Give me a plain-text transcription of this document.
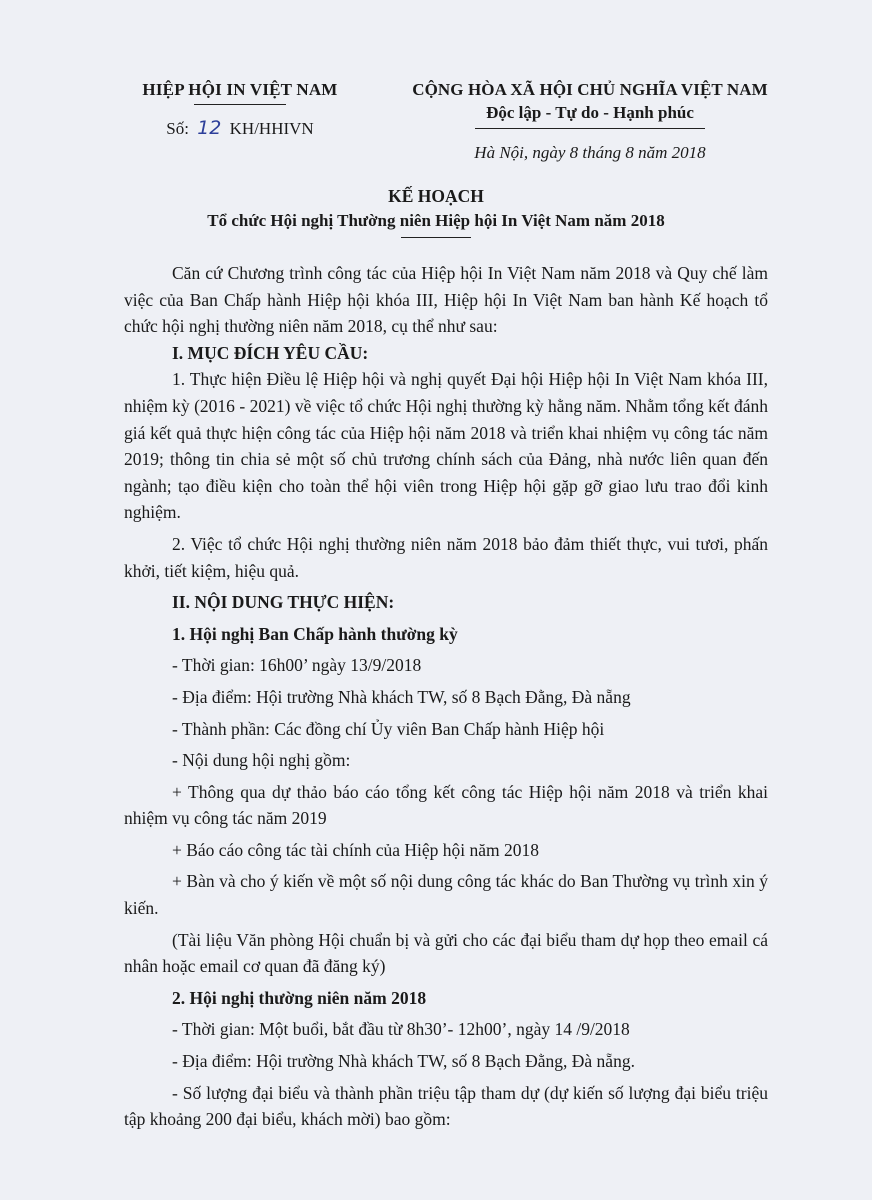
HIỆP HỘI IN VIỆT NAM
Số: 12 KH/HHIVN
CỘNG HÒA XÃ HỘI CHỦ NGHĨA VIỆT NAM
Độc lập - Tự do - Hạnh phúc
Hà Nội, ngày 8 tháng 8 năm 2018
KẾ HOẠCH
Tổ chức Hội nghị Thường niên Hiệp hội In Việt Nam năm 2018

Căn cứ Chương trình công tác của Hiệp hội In Việt Nam năm 2018 và Quy chế làm việc của Ban Chấp hành Hiệp hội khóa III, Hiệp hội In Việt Nam ban hành Kế hoạch tổ chức hội nghị thường niên năm 2018, cụ thể như sau:

I. MỤC ĐÍCH YÊU CẦU:

1. Thực hiện Điều lệ Hiệp hội và nghị quyết Đại hội Hiệp hội In Việt Nam khóa III, nhiệm kỳ (2016 - 2021) về việc tổ chức Hội nghị thường kỳ hằng năm. Nhằm tổng kết đánh giá kết quả thực hiện công tác của Hiệp hội năm 2018 và triển khai nhiệm vụ công tác năm 2019; thông tin chia sẻ một số chủ trương chính sách của Đảng, nhà nước liên quan đến ngành; tạo điều kiện cho toàn thể hội viên trong Hiệp hội gặp gỡ giao lưu trao đổi kinh nghiệm.

2. Việc tổ chức Hội nghị thường niên năm 2018 bảo đảm thiết thực, vui tươi, phấn khởi, tiết kiệm, hiệu quả.

II. NỘI DUNG THỰC HIỆN:

1. Hội nghị Ban Chấp hành thường kỳ

- Thời gian: 16h00’ ngày 13/9/2018

- Địa điểm: Hội trường Nhà khách TW, số 8 Bạch Đằng, Đà nẵng

- Thành phần: Các đồng chí Ủy viên Ban Chấp hành Hiệp hội

- Nội dung hội nghị gồm:

+ Thông qua dự thảo báo cáo tổng kết công tác Hiệp hội năm 2018 và triển khai nhiệm vụ công tác năm 2019

+ Báo cáo công tác tài chính của Hiệp hội năm 2018

+ Bàn và cho ý kiến về một số nội dung công tác khác do Ban Thường vụ trình xin ý kiến.

(Tài liệu Văn phòng Hội chuẩn bị và gửi cho các đại biểu tham dự họp theo email cá nhân hoặc email cơ quan đã đăng ký)

2. Hội nghị thường niên năm 2018

- Thời gian: Một buổi, bắt đầu từ 8h30’- 12h00’, ngày 14 /9/2018

- Địa điểm: Hội trường Nhà khách TW, số 8 Bạch Đằng, Đà nẵng.

- Số lượng đại biểu và thành phần triệu tập tham dự (dự kiến số lượng đại biểu triệu tập khoảng 200 đại biểu, khách mời) bao gồm:
